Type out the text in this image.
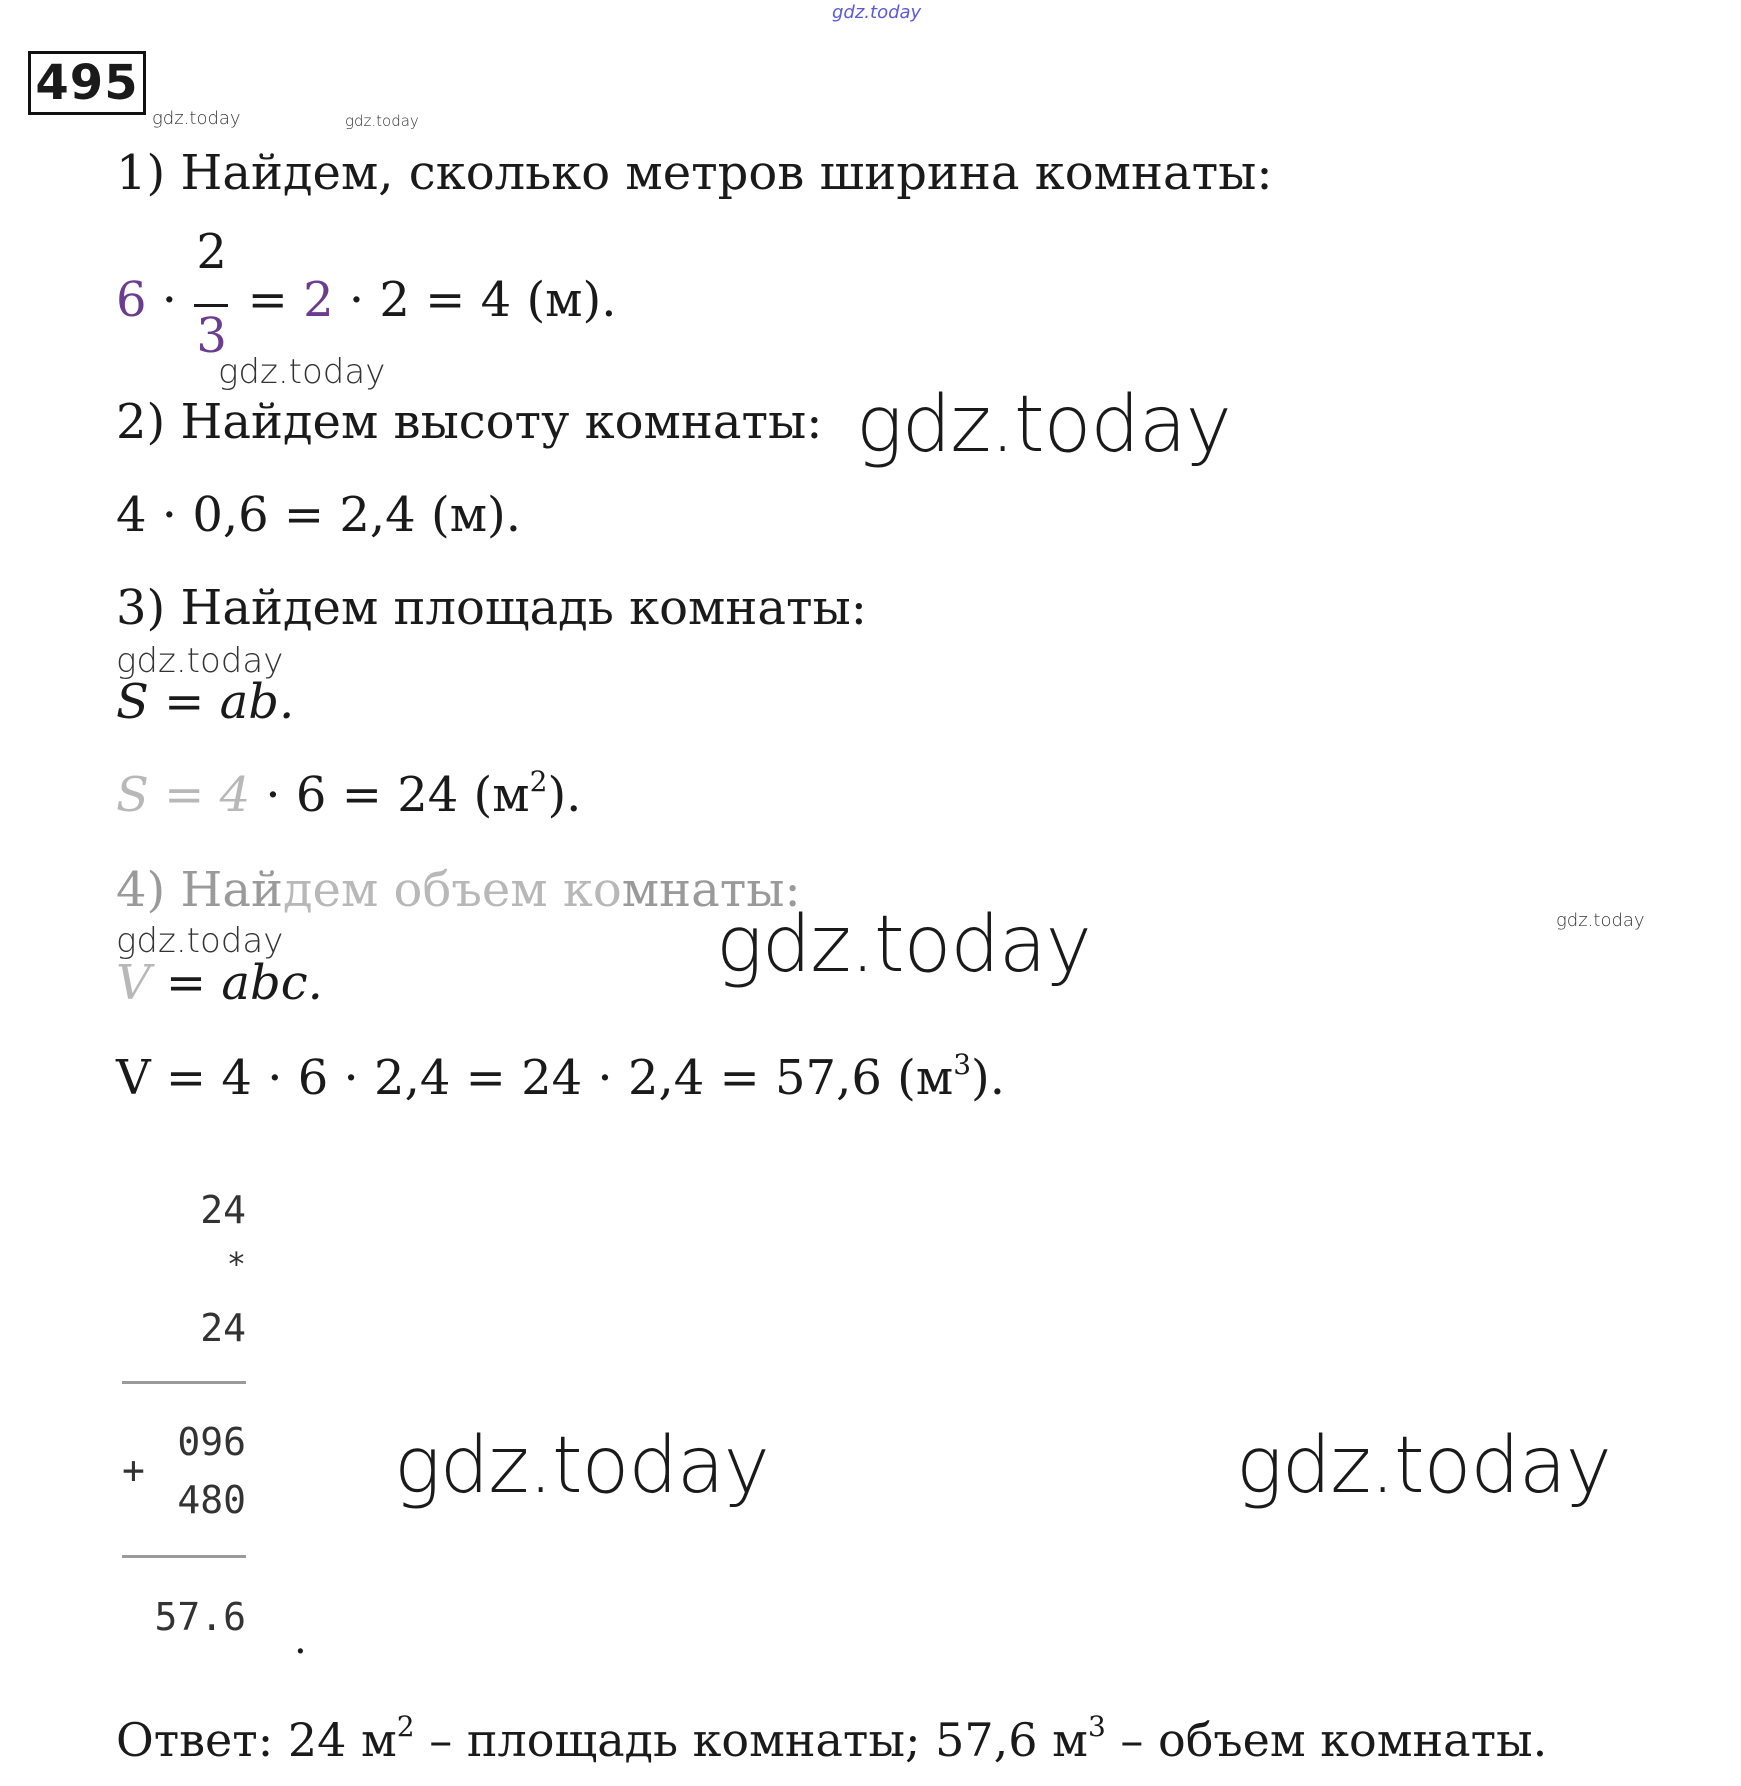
gdz.today
495
gdz.today	gdz.today
1) Найдем, сколько метров ширина комнаты:
$6 \cdot \frac{2}{3} = 2 \cdot 2 = 4$ (м).
gdz.today
2) Найдем высоту комнаты: gdz.today
4 · 0,6 = 2,4 (м).
3) Найдем площадь комнаты:
gdz.today
S = ab.
S = 4 · 6 = 24 $(м^2)$.
4) Найдем объем комнаты:
gdz.today
gdz.today	gdz.today
V = abc.
V = 4 · 6 · 2,4 = 24 · 2,4 = 57,6 $(м^3)$.
24
*
24
096
+
480
57.6 .
gdz.today	gdz.today
Ответ: 24 $м^2$ – площадь комнаты; 57,6 $м^3$ – объем комнаты.
